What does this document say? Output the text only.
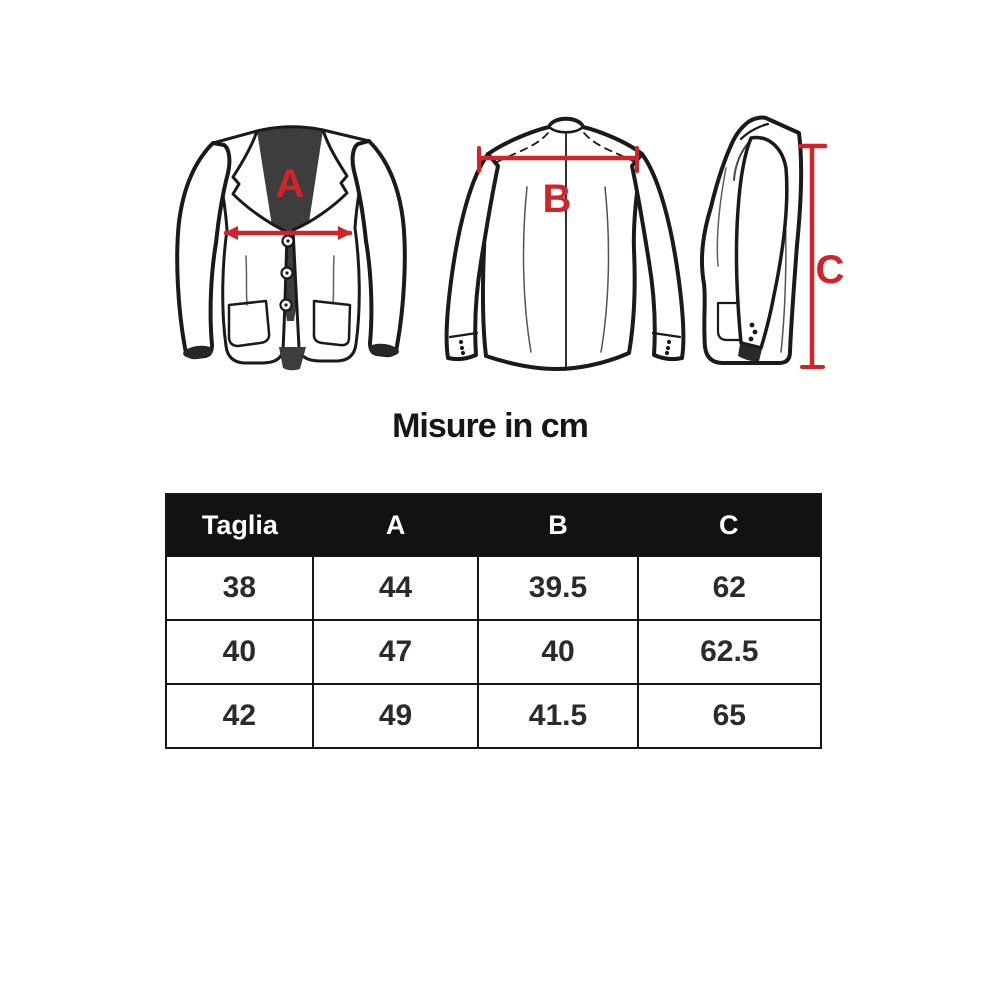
A	B
C
Misure in cm
Taglia	A	B	C
38	44	39.5	62
40	47	40	62.5
42	49	41.5	65
